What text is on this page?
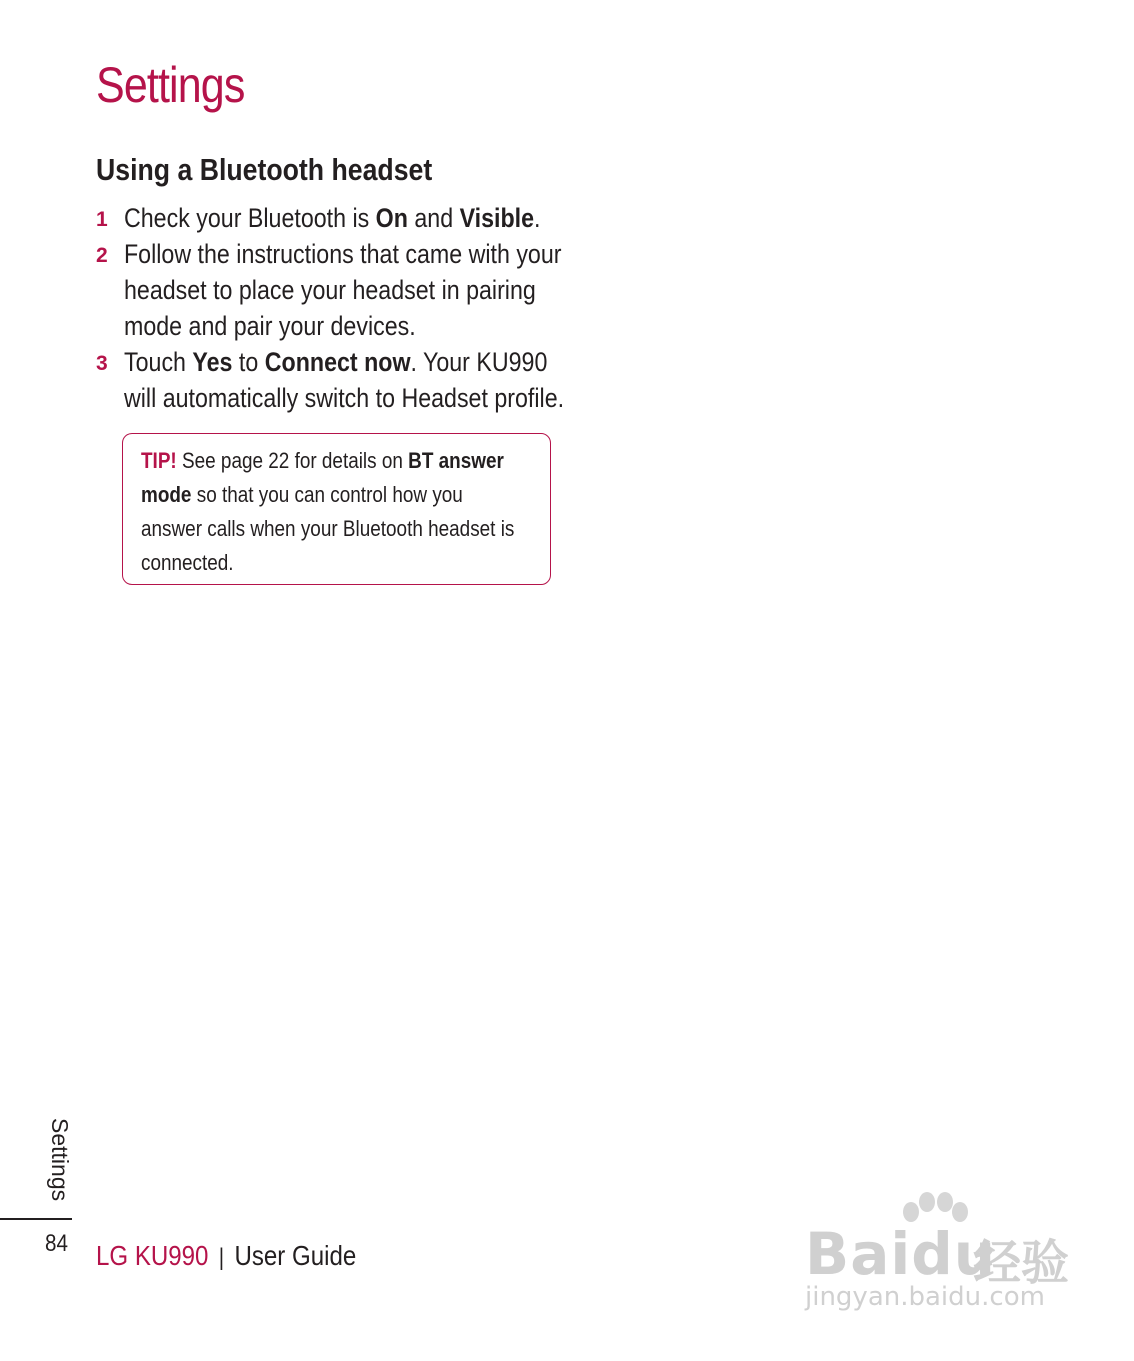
Settings
Using a Bluetooth headset
1 Check your Bluetooth is On and Visible.
2 Follow the instructions that came with your
headset to place your headset in pairing
mode and pair your devices.
3 Touch Yes to Connect now. Your KU990
will automatically switch to Headset profile.
TIP! See page 22 for details on BT answer
mode so that you can control how you
answer calls when your Bluetooth headset is
connected.
Settings
84 LG KU990 | User Guide	Baidu
经验
jingyan.baidu.com
